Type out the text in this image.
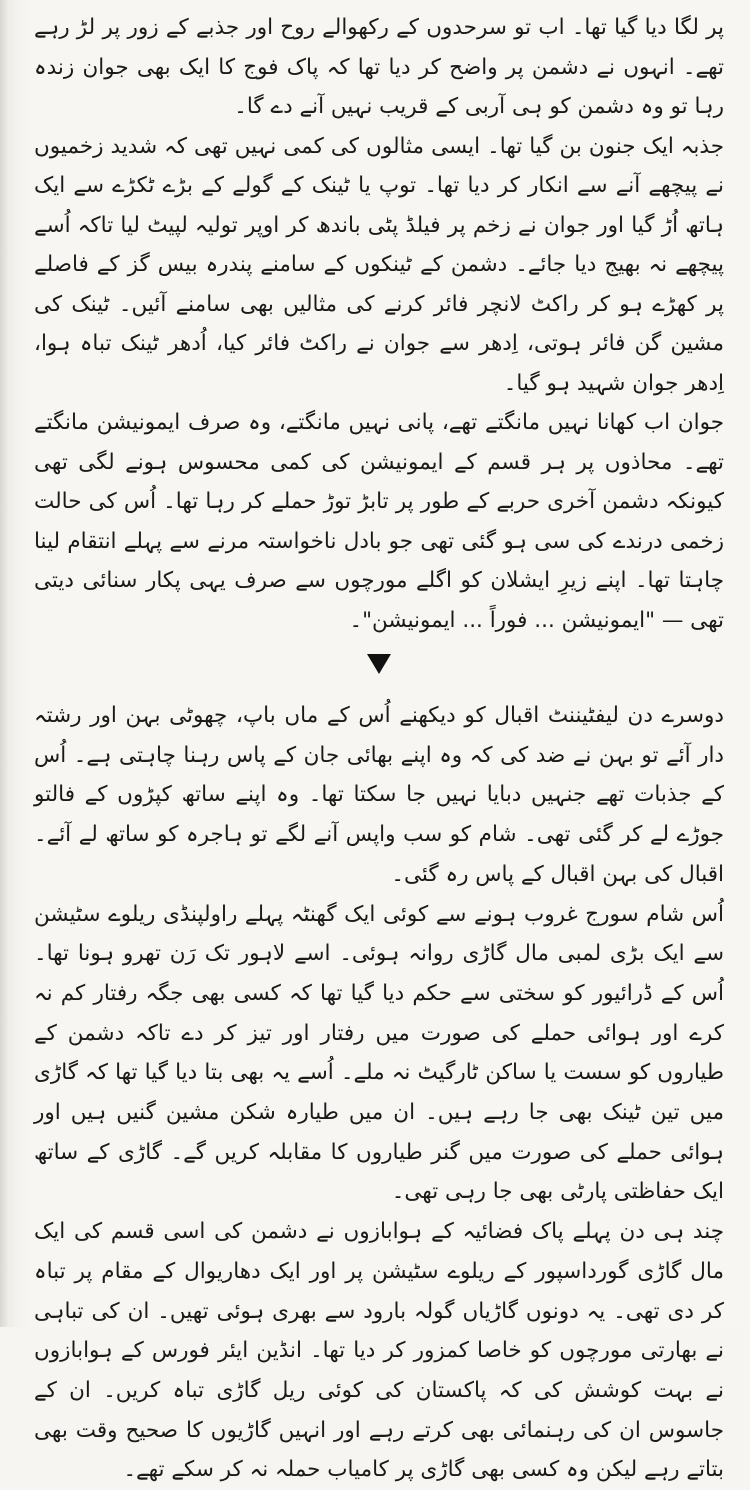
پر لگا دیا گیا تھا۔ اب تو سرحدوں کے رکھوالے روح اور جذبے کے زور پر لڑ رہے تھے۔ انہوں نے دشمن پر واضح کر دیا تھا کہ پاک فوج کا ایک بھی جوان زندہ رہا تو وہ دشمن کو ہی آربی کے قریب نہیں آنے دے گا۔

جذبہ ایک جنون بن گیا تھا۔ ایسی مثالوں کی کمی نہیں تھی کہ شدید زخمیوں نے پیچھے آنے سے انکار کر دیا تھا۔ توپ یا ٹینک کے گولے کے بڑے ٹکڑے سے ایک ہاتھ اُڑ گیا اور جوان نے زخم پر فیلڈ پٹی باندھ کر اوپر تولیہ لپیٹ لیا تاکہ اُسے پیچھے نہ بھیج دیا جائے۔ دشمن کے ٹینکوں کے سامنے پندرہ بیس گز کے فاصلے پر کھڑے ہو کر راکٹ لانچر فائر کرنے کی مثالیں بھی سامنے آئیں۔ ٹینک کی مشین گن فائر ہوتی، اِدھر سے جوان نے راکٹ فائر کیا، اُدھر ٹینک تباہ ہوا، اِدھر جوان شہید ہو گیا۔

جوان اب کھانا نہیں مانگتے تھے، پانی نہیں مانگتے، وہ صرف ایمونیشن مانگتے تھے۔ محاذوں پر ہر قسم کے ایمونیشن کی کمی محسوس ہونے لگی تھی کیونکہ دشمن آخری حربے کے طور پر تابڑ توڑ حملے کر رہا تھا۔ اُس کی حالت زخمی درندے کی سی ہو گئی تھی جو بادل ناخواستہ مرنے سے پہلے انتقام لینا چاہتا تھا۔ اپنے زیرِ ایشلان کو اگلے مورچوں سے صرف یہی پکار سنائی دیتی تھی — "ایمونیشن ... فوراً ... ایمونیشن"۔

دوسرے دن لیفٹیننٹ اقبال کو دیکھنے اُس کے ماں باپ، چھوٹی بہن اور رشتہ دار آئے تو بہن نے ضد کی کہ وہ اپنے بھائی جان کے پاس رہنا چاہتی ہے۔ اُس کے جذبات تھے جنہیں دبایا نہیں جا سکتا تھا۔ وہ اپنے ساتھ کپڑوں کے فالتو جوڑے لے کر گئی تھی۔ شام کو سب واپس آنے لگے تو ہاجرہ کو ساتھ لے آئے۔ اقبال کی بہن اقبال کے پاس رہ گئی۔

اُس شام سورج غروب ہونے سے کوئی ایک گھنٹہ پہلے راولپنڈی ریلوے سٹیشن سے ایک بڑی لمبی مال گاڑی روانہ ہوئی۔ اسے لاہور تک رَن تھرو ہونا تھا۔ اُس کے ڈرائیور کو سختی سے حکم دیا گیا تھا کہ کسی بھی جگہ رفتار کم نہ کرے اور ہوائی حملے کی صورت میں رفتار اور تیز کر دے تاکہ دشمن کے طیاروں کو سست یا ساکن ٹارگیٹ نہ ملے۔ اُسے یہ بھی بتا دیا گیا تھا کہ گاڑی میں تین ٹینک بھی جا رہے ہیں۔ ان میں طیارہ شکن مشین گنیں ہیں اور ہوائی حملے کی صورت میں گنر طیاروں کا مقابلہ کریں گے۔ گاڑی کے ساتھ ایک حفاظتی پارٹی بھی جا رہی تھی۔

چند ہی دن پہلے پاک فضائیہ کے ہوابازوں نے دشمن کی اسی قسم کی ایک مال گاڑی گورداسپور کے ریلوے سٹیشن پر اور ایک دھاریوال کے مقام پر تباہ کر دی تھی۔ یہ دونوں گاڑیاں گولہ بارود سے بھری ہوئی تھیں۔ ان کی تباہی نے بھارتی مورچوں کو خاصا کمزور کر دیا تھا۔ انڈین ایئر فورس کے ہوابازوں نے بہت کوشش کی کہ پاکستان کی کوئی ریل گاڑی تباہ کریں۔ ان کے جاسوس ان کی رہنمائی بھی کرتے رہے اور انہیں گاڑیوں کا صحیح وقت بھی بتاتے رہے لیکن وہ کسی بھی گاڑی پر کامیاب حملہ نہ کر سکے تھے۔
